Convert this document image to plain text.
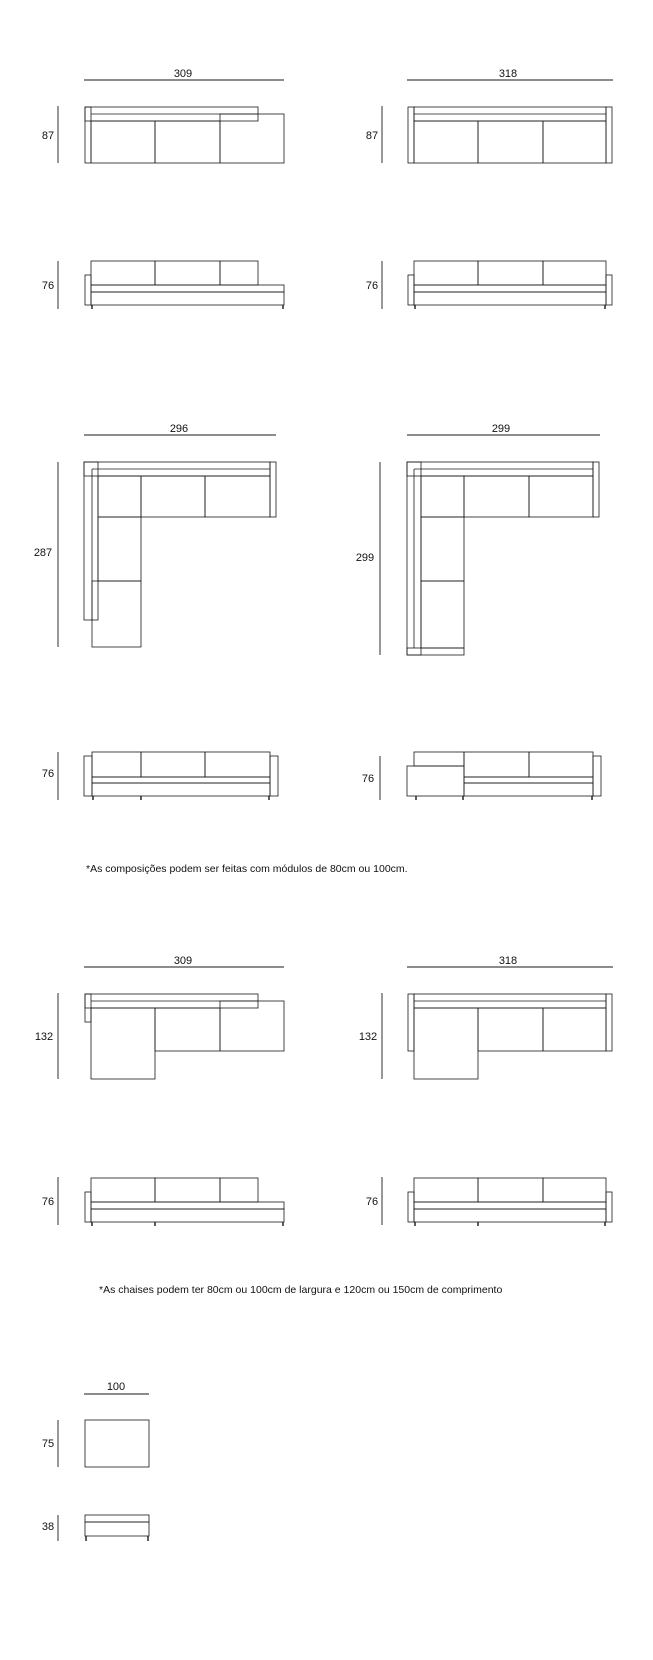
309
87
76
318
87
76
296
287
76
299
299
76
309
132
76
318
132
76
100
75
38
*As composições podem ser feitas com módulos de 80cm ou 100cm.
*As chaises podem ter 80cm ou 100cm de largura e 120cm ou 150cm de comprimento
